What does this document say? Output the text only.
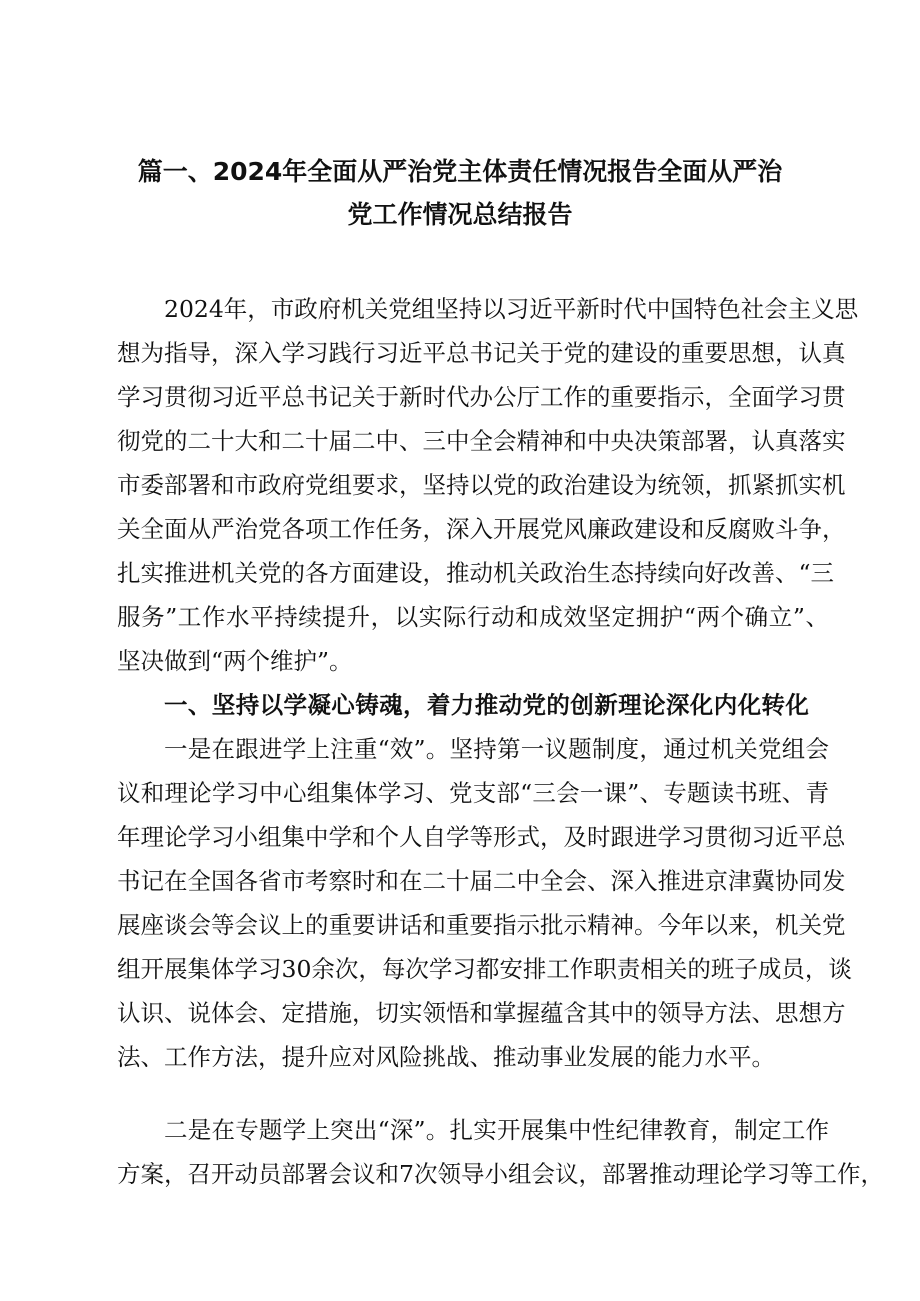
篇一、2024年全面从严治党主体责任情况报告全面从严治
党工作情况总结报告
2024年，市政府机关党组坚持以习近平新时代中国特色社会主义思
想为指导，深入学习践行习近平总书记关于党的建设的重要思想，认真
学习贯彻习近平总书记关于新时代办公厅工作的重要指示，全面学习贯
彻党的二十大和二十届二中、三中全会精神和中央决策部署，认真落实
市委部署和市政府党组要求，坚持以党的政治建设为统领，抓紧抓实机
关全面从严治党各项工作任务，深入开展党风廉政建设和反腐败斗争，
扎实推进机关党的各方面建设，推动机关政治生态持续向好改善、“三
服务”工作水平持续提升，以实际行动和成效坚定拥护“两个确立”、
坚决做到“两个维护”。
一、坚持以学凝心铸魂，着力推动党的创新理论深化内化转化
一是在跟进学上注重“效”。坚持第一议题制度，通过机关党组会
议和理论学习中心组集体学习、党支部“三会一课”、专题读书班、青
年理论学习小组集中学和个人自学等形式，及时跟进学习贯彻习近平总
书记在全国各省市考察时和在二十届二中全会、深入推进京津冀协同发
展座谈会等会议上的重要讲话和重要指示批示精神。今年以来，机关党
组开展集体学习30余次，每次学习都安排工作职责相关的班子成员，谈
认识、说体会、定措施，切实领悟和掌握蕴含其中的领导方法、思想方
法、工作方法，提升应对风险挑战、推动事业发展的能力水平。
二是在专题学上突出“深”。扎实开展集中性纪律教育，制定工作
方案，召开动员部署会议和7次领导小组会议，部署推动理论学习等工作，
